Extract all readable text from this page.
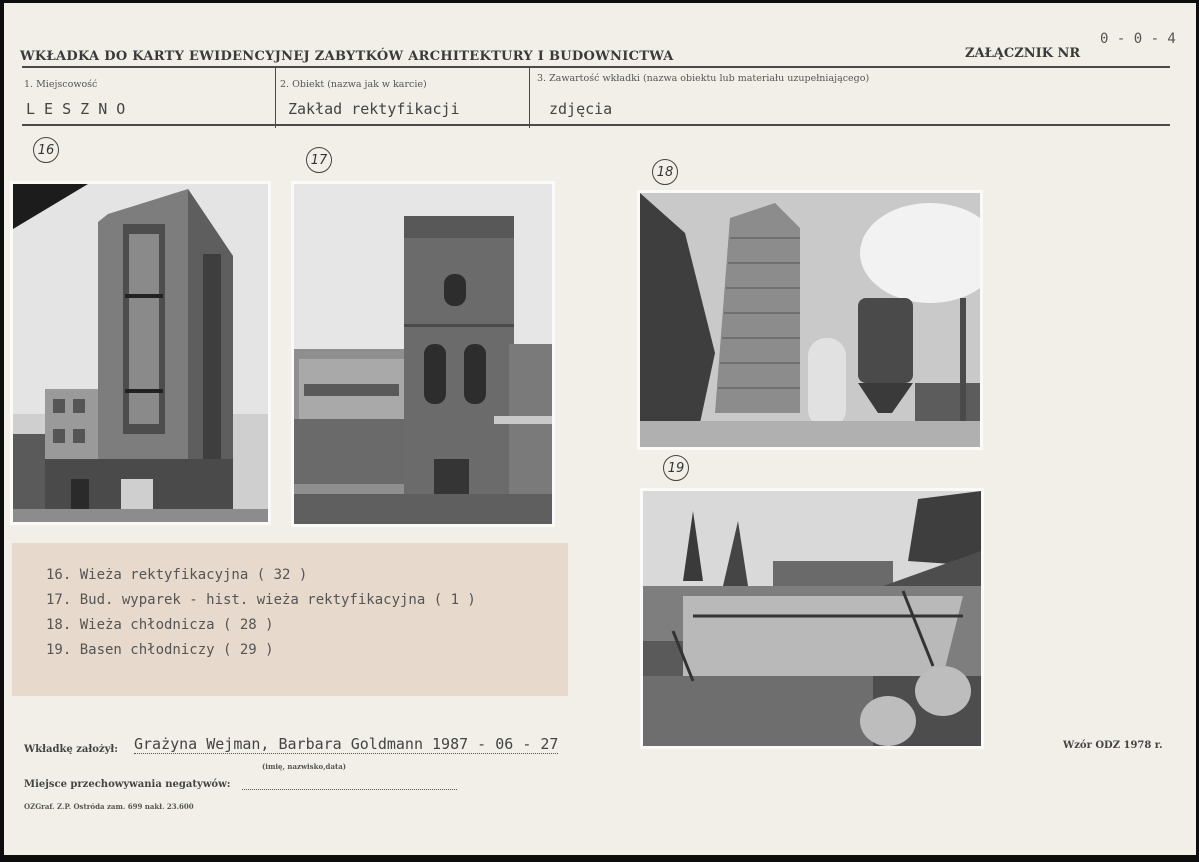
WKŁADKA DO KARTY EWIDENCYJNEJ ZABYTKÓW ARCHITEKTURY I BUDOWNICTWA	ZAŁĄCZNIK NR
0 - 0 - 4
1. Miejscowość
L E S Z N O
2. Obiekt (nazwa jak w karcie)
Zakład rektyfikacji
3. Zawartość wkładki (nazwa obiektu lub materiału uzupełniającego)
zdjęcia
16
17
18
19
16. Wieża rektyfikacyjna ( 32 )
17. Bud. wyparek - hist. wieża rektyfikacyjna ( 1 )
18. Wieża chłodnicza ( 28 )
19. Basen chłodniczy ( 29 )
Wkładkę założył: Grażyna Wejman, Barbara Goldmann 1987 - 06 - 27
(imię, nazwisko,data)
Wzór ODZ 1978 r.
Miejsce przechowywania negatywów:
OZGraf. Z.P. Ostróda zam. 699 nakł. 23.600
